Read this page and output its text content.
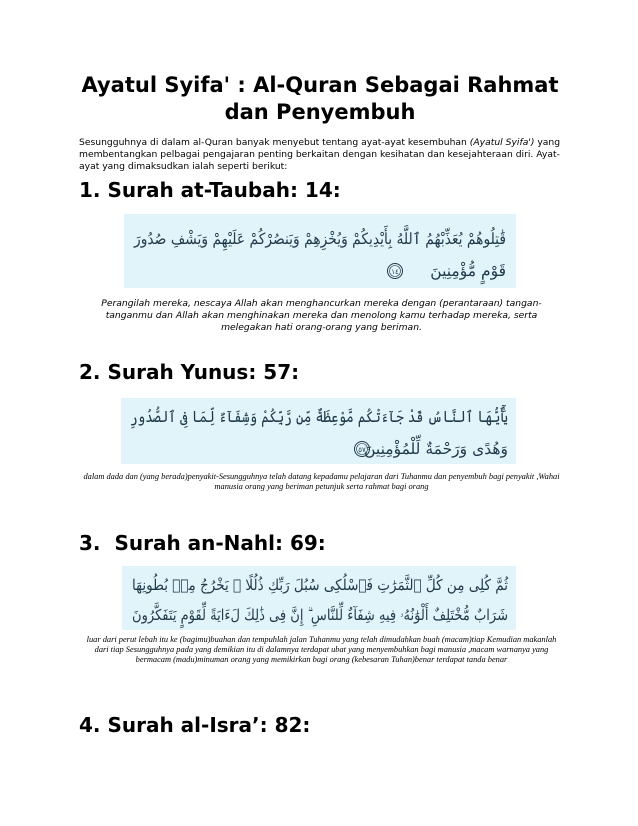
Ayatul Syifa' : Al-Quran Sebagai Rahmat dan Penyembuh

Sesungguhnya di dalam al-Quran banyak menyebut tentang ayat-ayat kesembuhan (Ayatul Syifa') yang membentangkan pelbagai pengajaran penting berkaitan dengan kesihatan dan kesejahteraan diri. Ayat-ayat yang dimaksudkan ialah seperti berikut:

1. Surah at-Taubah: 14:
قَٰتِلُوهُمْ يُعَذِّبْهُمُ ٱللَّهُ بِأَيْدِيكُمْ وَيُخْزِهِمْ وَيَنصُرْكُمْ عَلَيْهِمْ وَيَشْفِ صُدُورَ
قَوْمٍ مُّؤْمِنِينَ
١٤

Perangilah mereka, nescaya Allah akan menghancurkan mereka dengan (perantaraan) tangan-tanganmu dan Allah akan menghinakan mereka dan menolong kamu terhadap mereka, serta melegakan hati orang-orang yang beriman.

2. Surah Yunus: 57:
يَٰٓأَيُّهَا ٱلنَّاسُ قَدْ جَآءَتْكُم مَّوْعِظَةٌ مِّن رَّبِّكُمْ وَشِفَآءٌ لِّمَا فِى ٱلصُّدُورِ
وَهُدًى وَرَحْمَةٌ لِّلْمُؤْمِنِينَ
٥٧

dalam dada dan (yang berada)penyakit-Sesungguhnya telah datang kepadamu pelajaran dari Tuhanmu dan penyembuh bagi penyakit ,Wahai manusia orang yang beriman petunjuk serta rahmat bagi orang

3.  Surah an-Nahl: 69:
ثُمَّ كُلِى مِن كُلِّ ٱلثَّمَرَٰتِ فَٱسْلُكِى سُبُلَ رَبِّكِ ذُلُلًا ۚ يَخْرُجُ مِنۢ بُطُونِهَا
شَرَابٌ مُّخْتَلِفٌ أَلْوَٰنُهُۥ فِيهِ شِفَآءٌ لِّلنَّاسِ ۗ إِنَّ فِى ذَٰلِكَ لَءَايَةً لِّقَوْمٍ يَتَفَكَّرُونَ

luar dari perut lebah itu ke (bagimu)buahan dan tempuhlah jalan Tuhanmu yang telah dimudahkan buah (macam)tiap Kemudian makanlah dari tiap Sesungguhnya pada yang demikian itu di dalamnya terdapat ubat yang menyembuhkan bagi manusia ,macam warnanya yang bermacam (madu)minuman orang yang memikirkan bagi orang (kebesaran Tuhan)benar terdapat tanda benar

4. Surah al-Isra’: 82:
